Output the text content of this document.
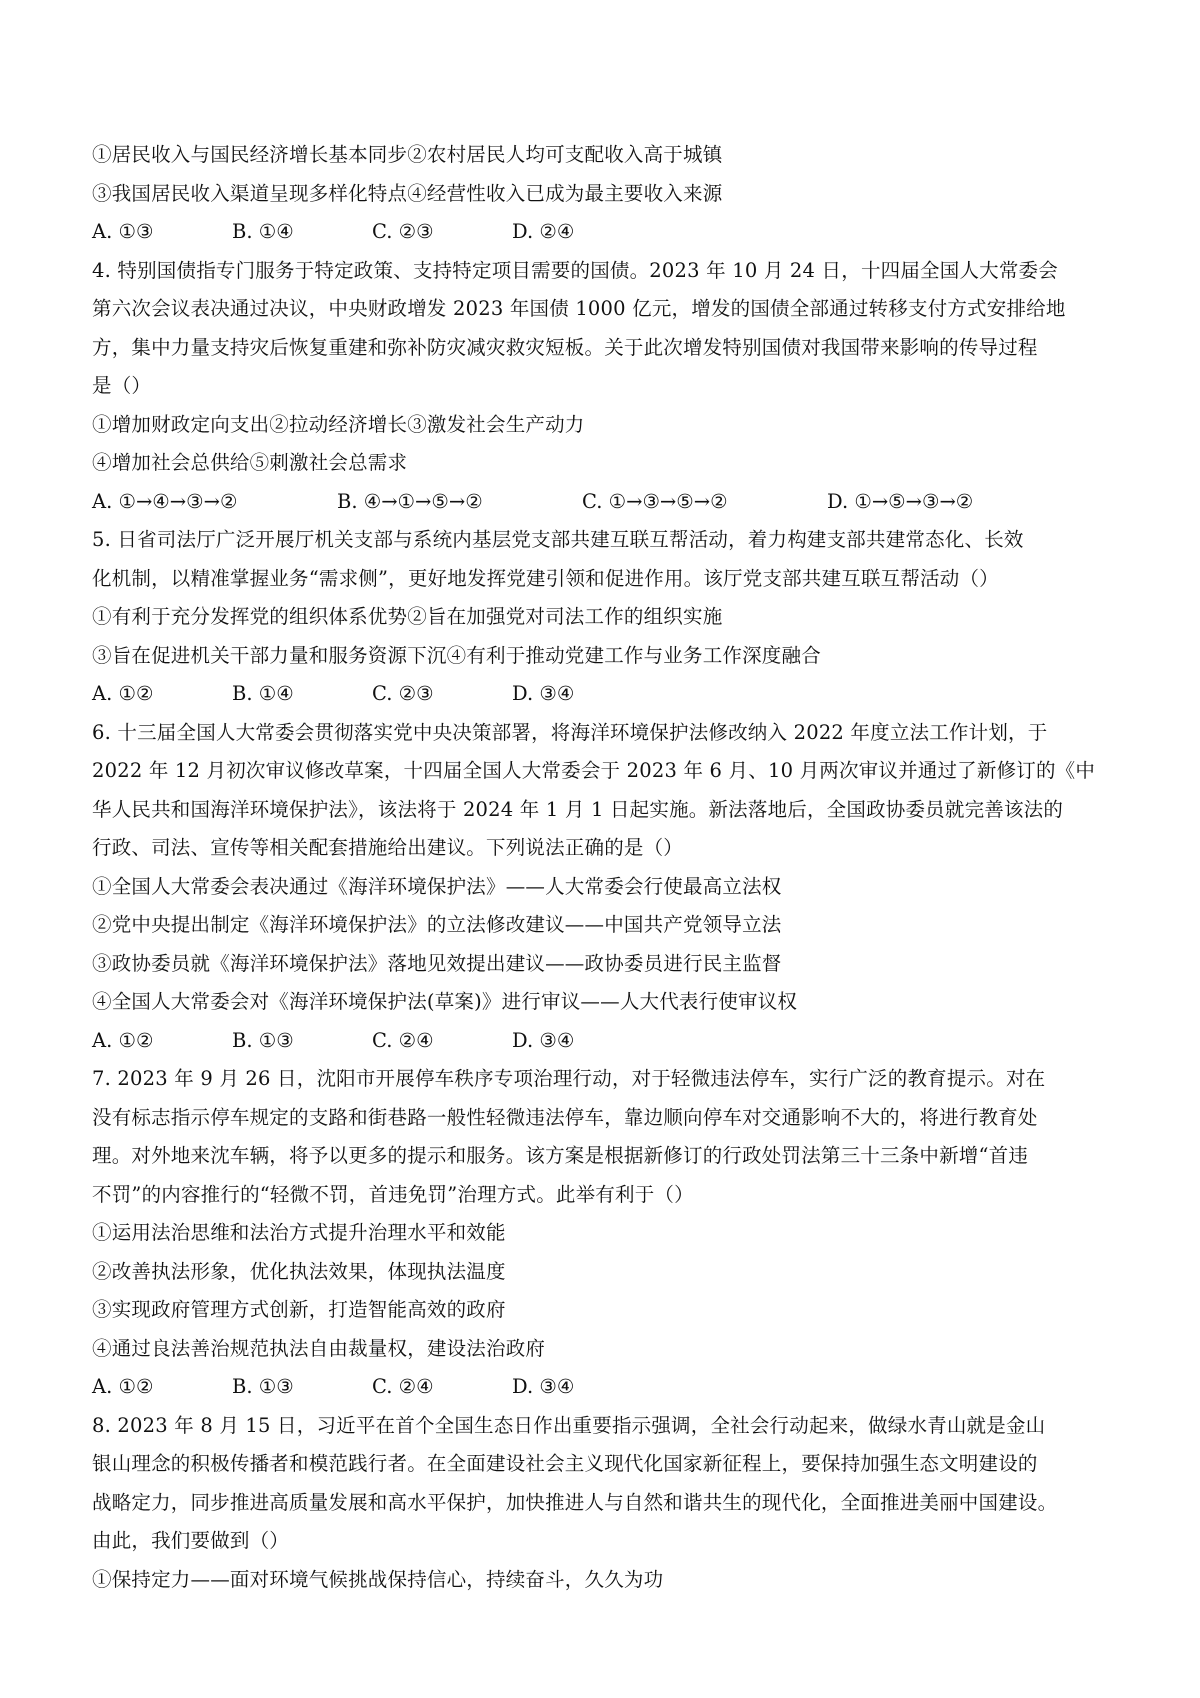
①居民收入与国民经济增长基本同步②农村居民人均可支配收入高于城镇
③我国居民收入渠道呈现多样化特点④经营性收入已成为最主要收入来源
A. ①③	B. ①④	C. ②③	D. ②④
4. 特别国债指专门服务于特定政策、支持特定项目需要的国债。2023 年 10 月 24 日，十四届全国人大常委会
第六次会议表决通过决议，中央财政增发 2023 年国债 1000 亿元，增发的国债全部通过转移支付方式安排给地
方，集中力量支持灾后恢复重建和弥补防灾减灾救灾短板。关于此次增发特别国债对我国带来影响的传导过程
是（）
①增加财政定向支出②拉动经济增长③激发社会生产动力
④增加社会总供给⑤刺激社会总需求
A. ①→④→③→②	B. ④→①→⑤→②	C. ①→③→⑤→②	D. ①→⑤→③→②
5. 日省司法厅广泛开展厅机关支部与系统内基层党支部共建互联互帮活动，着力构建支部共建常态化、长效
化机制，以精准掌握业务“需求侧”，更好地发挥党建引领和促进作用。该厅党支部共建互联互帮活动（）
①有利于充分发挥党的组织体系优势②旨在加强党对司法工作的组织实施
③旨在促进机关干部力量和服务资源下沉④有利于推动党建工作与业务工作深度融合
A. ①②	B. ①④	C. ②③	D. ③④
6. 十三届全国人大常委会贯彻落实党中央决策部署，将海洋环境保护法修改纳入 2022 年度立法工作计划，于
2022 年 12 月初次审议修改草案，十四届全国人大常委会于 2023 年 6 月、10 月两次审议并通过了新修订的《中
华人民共和国海洋环境保护法》，该法将于 2024 年 1 月 1 日起实施。新法落地后，全国政协委员就完善该法的
行政、司法、宣传等相关配套措施给出建议。下列说法正确的是（）
①全国人大常委会表决通过《海洋环境保护法》——人大常委会行使最高立法权
②党中央提出制定《海洋环境保护法》的立法修改建议——中国共产党领导立法
③政协委员就《海洋环境保护法》落地见效提出建议——政协委员进行民主监督
④全国人大常委会对《海洋环境保护法(草案)》进行审议——人大代表行使审议权
A. ①②	B. ①③	C. ②④	D. ③④
7. 2023 年 9 月 26 日，沈阳市开展停车秩序专项治理行动，对于轻微违法停车，实行广泛的教育提示。对在
没有标志指示停车规定的支路和街巷路一般性轻微违法停车，靠边顺向停车对交通影响不大的，将进行教育处
理。对外地来沈车辆，将予以更多的提示和服务。该方案是根据新修订的行政处罚法第三十三条中新增“首违
不罚”的内容推行的“轻微不罚，首违免罚”治理方式。此举有利于（）
①运用法治思维和法治方式提升治理水平和效能
②改善执法形象，优化执法效果，体现执法温度
③实现政府管理方式创新，打造智能高效的政府
④通过良法善治规范执法自由裁量权，建设法治政府
A. ①②	B. ①③	C. ②④	D. ③④
8. 2023 年 8 月 15 日，习近平在首个全国生态日作出重要指示强调，全社会行动起来，做绿水青山就是金山
银山理念的积极传播者和模范践行者。在全面建设社会主义现代化国家新征程上，要保持加强生态文明建设的
战略定力，同步推进高质量发展和高水平保护，加快推进人与自然和谐共生的现代化，全面推进美丽中国建设。
由此，我们要做到（）
①保持定力——面对环境气候挑战保持信心，持续奋斗，久久为功
